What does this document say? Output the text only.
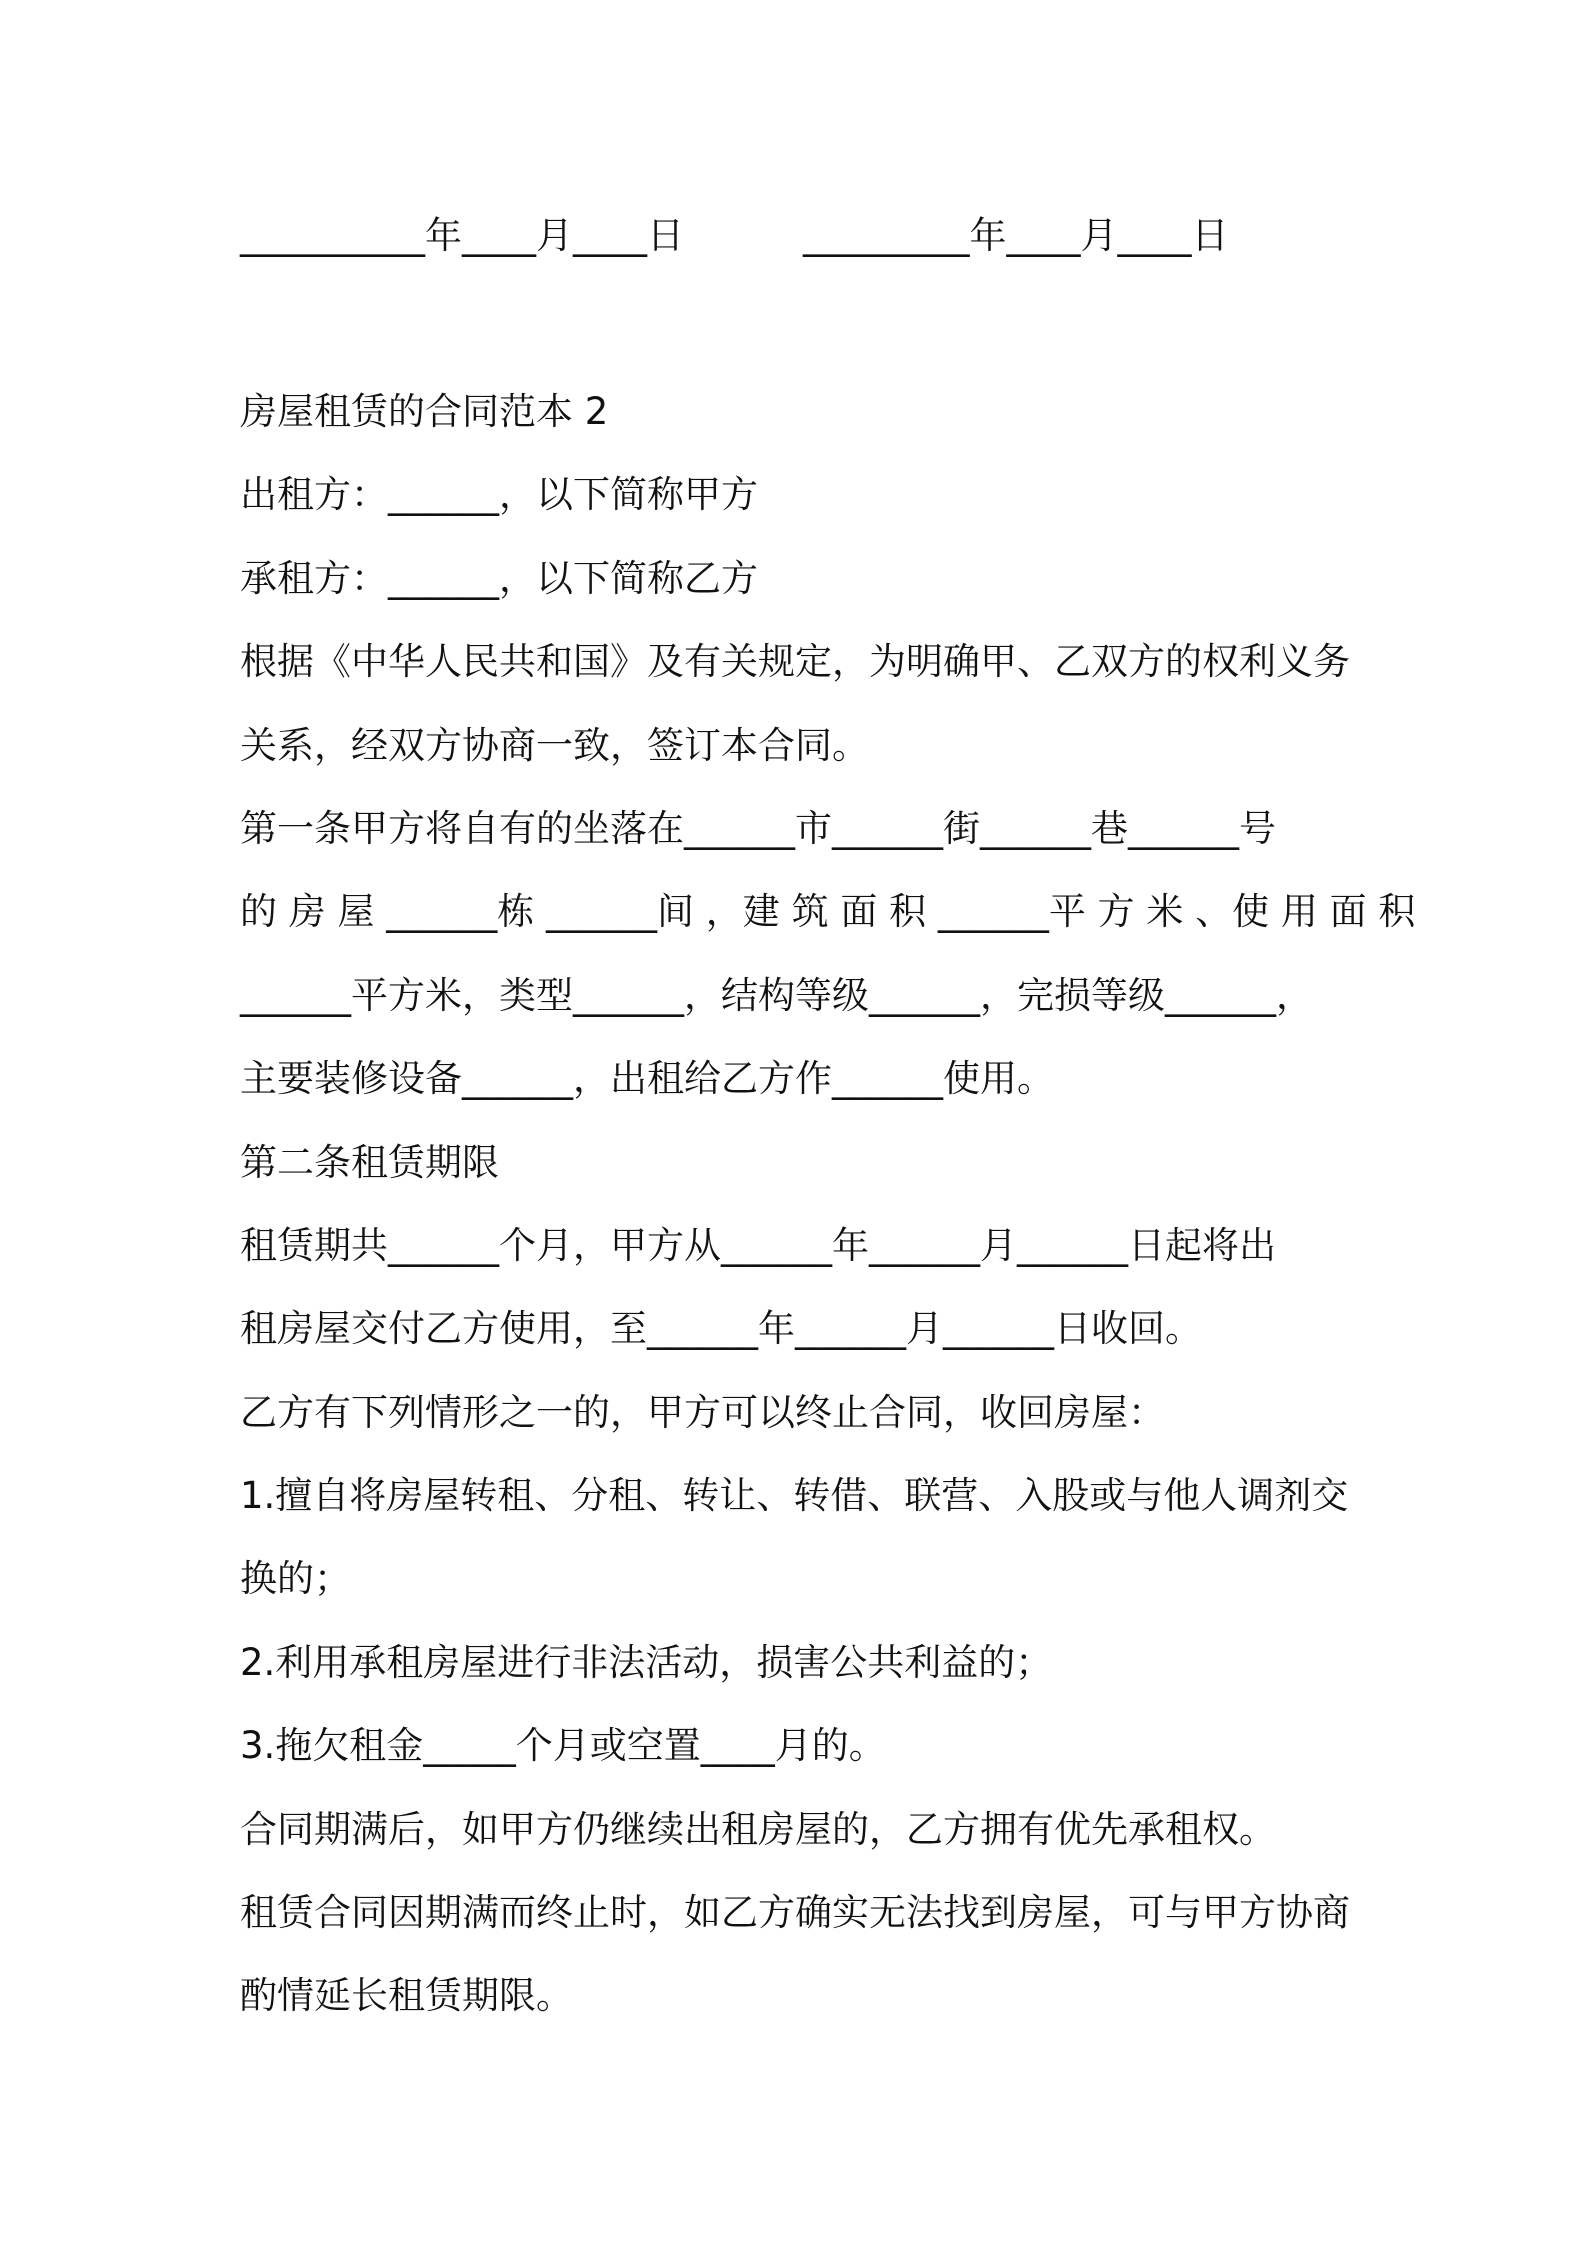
__________年____月____日	_________年____月____日
房屋租赁的合同范本 2
出租方：______，以下简称甲方
承租方：______，以下简称乙方
根据《中华人民共和国》及有关规定，为明确甲、乙双方的权利义务
关系，经双方协商一致，签订本合同。
第一条甲方将自有的坐落在______市______街______巷______号
的 房 屋 ______栋 ______间 ，建 筑 面 积 ______平 方 米 、使 用 面 积
______平方米，类型______，结构等级______，完损等级______，
主要装修设备______，出租给乙方作______使用。
第二条租赁期限
租赁期共______个月，甲方从______年______月______日起将出
租房屋交付乙方使用，至______年______月______日收回。
乙方有下列情形之一的，甲方可以终止合同，收回房屋：
1.擅自将房屋转租、分租、转让、转借、联营、入股或与他人调剂交
换的；
2.利用承租房屋进行非法活动，损害公共利益的；
3.拖欠租金_____个月或空置____月的。
合同期满后，如甲方仍继续出租房屋的，乙方拥有优先承租权。
租赁合同因期满而终止时，如乙方确实无法找到房屋，可与甲方协商
酌情延长租赁期限。
